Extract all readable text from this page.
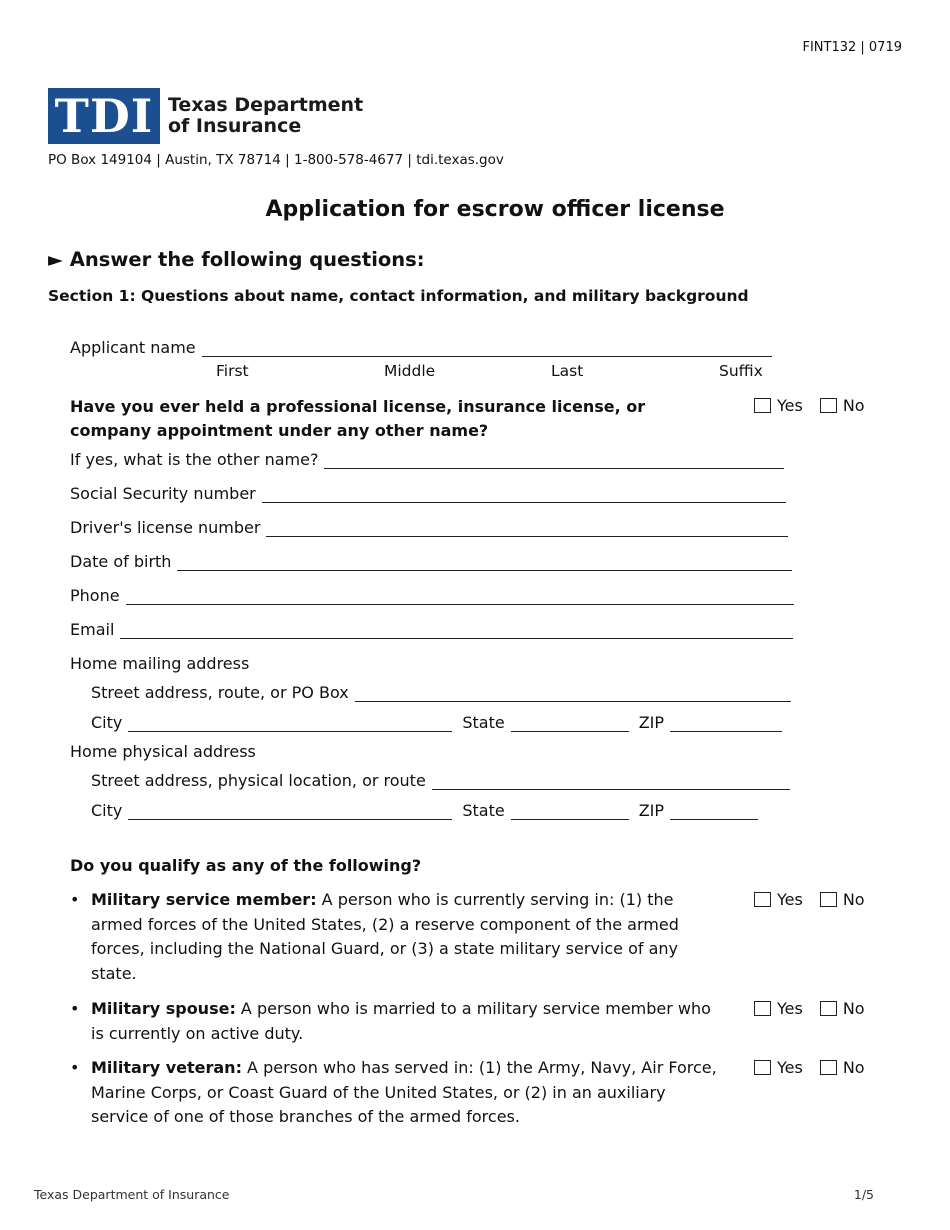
FINT132 | 0719
TDI Texas Department
of Insurance
PO Box 149104 | Austin, TX 78714 | 1-800-578-4677 | tdi.texas.gov
Application for escrow officer license
► Answer the following questions:
Section 1: Questions about name, contact information, and military background
Applicant name
First	Middle	Last	Suffix
Have you ever held a professional license, insurance license, or company appointment under any other name?
Yes	No
If yes, what is the other name?
Social Security number
Driver's license number
Date of birth
Phone
Email
Home mailing address
Street address, route, or PO Box
City	State	ZIP
Home physical address
Street address, physical location, or route
City	State	ZIP
Do you qualify as any of the following?
• Military service member: A person who is currently serving in: (1) the armed forces of the United States, (2) a reserve component of the armed forces, including the National Guard, or (3) a state military service of any state.
Yes	No
• Military spouse: A person who is married to a military service member who is currently on active duty.
Yes	No
• Military veteran: A person who has served in: (1) the Army, Navy, Air Force, Marine Corps, or Coast Guard of the United States, or (2) in an auxiliary service of one of those branches of the armed forces.
Yes	No
Texas Department of Insurance	1/5
